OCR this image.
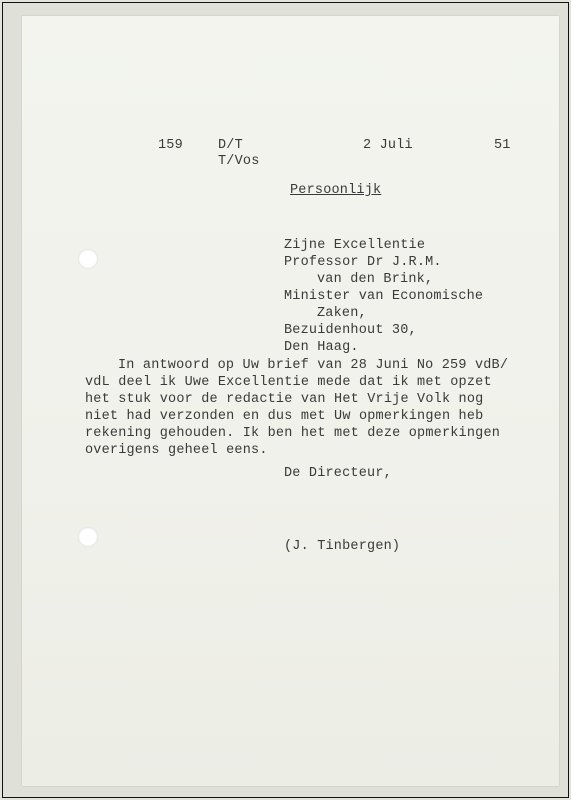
159	D/T
T/Vos
2 Juli	51
Persoonlijk
Zijne Excellentie
Professor Dr J.R.M.
van den Brink,
Minister van Economische
Zaken,
Bezuidenhout 30,
Den Haag.
In antwoord op Uw brief van 28 Juni No 259 vdB/
vdL deel ik Uwe Excellentie mede dat ik met opzet
het stuk voor de redactie van Het Vrije Volk nog
niet had verzonden en dus met Uw opmerkingen heb
rekening gehouden. Ik ben het met deze opmerkingen
overigens geheel eens.
De Directeur,
(J. Tinbergen)
